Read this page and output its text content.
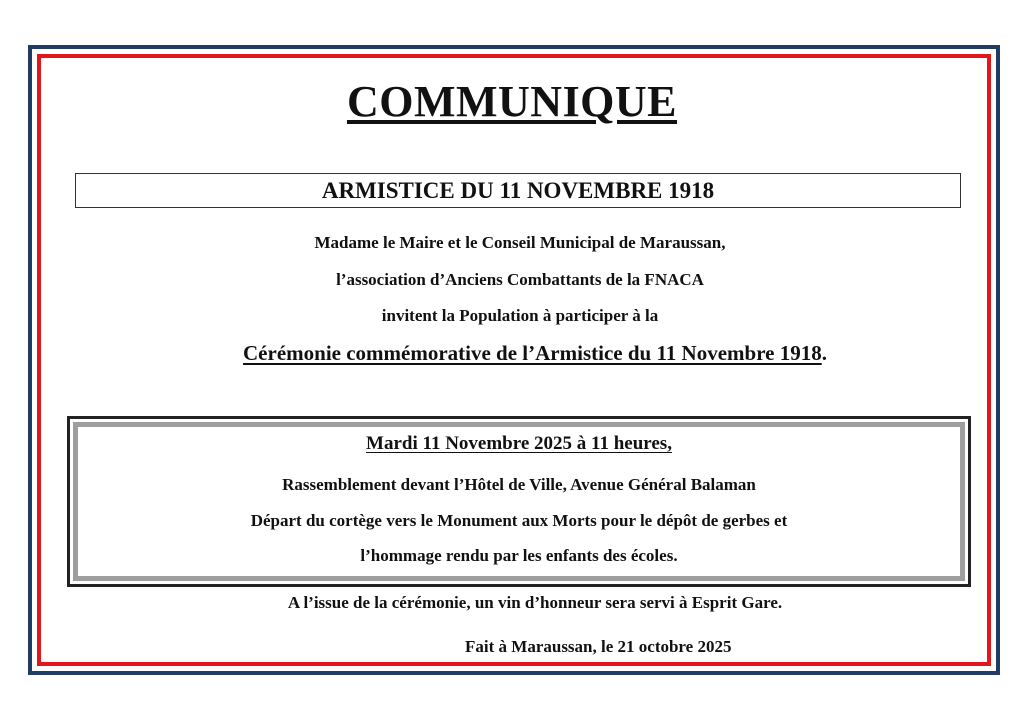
COMMUNIQUE
ARMISTICE DU 11 NOVEMBRE 1918
Madame le Maire et le Conseil Municipal de Maraussan,
l’association d’Anciens Combattants de la FNACA
invitent la Population à participer à la
Cérémonie commémorative de l’Armistice du 11 Novembre 1918.
Mardi 11 Novembre 2025 à 11 heures,
Rassemblement devant l’Hôtel de Ville, Avenue Général Balaman
Départ du cortège vers le Monument aux Morts pour le dépôt de gerbes et
l’hommage rendu par les enfants des écoles.
A l’issue de la cérémonie, un vin d’honneur sera servi à Esprit Gare.
Fait à Maraussan, le 21 octobre 2025
